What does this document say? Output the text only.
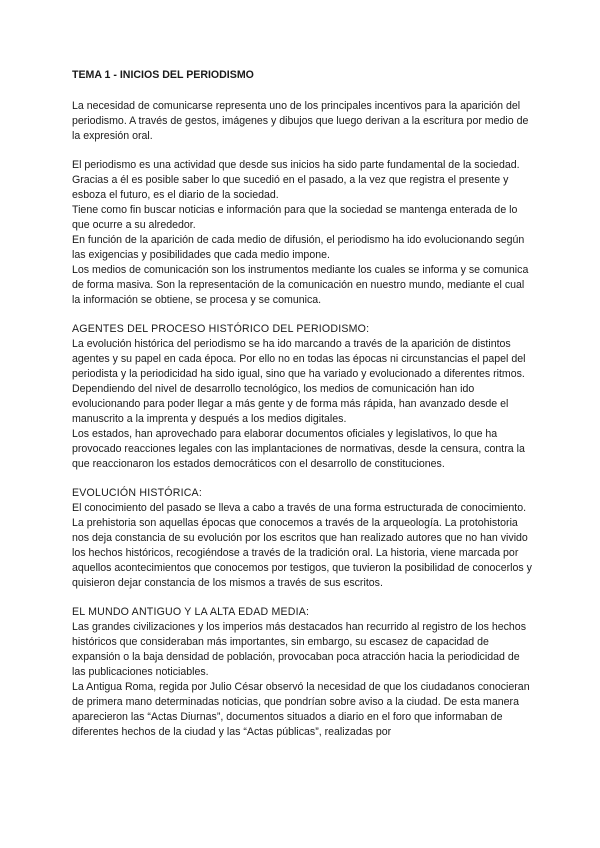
TEMA 1 - INICIOS DEL PERIODISMO

La necesidad de comunicarse representa uno de los principales incentivos para la aparición del periodismo. A través de gestos, imágenes y dibujos que luego derivan a la escritura por medio de la expresión oral.

El periodismo es una actividad que desde sus inicios ha sido parte fundamental de la sociedad. Gracias a él es posible saber lo que sucedió en el pasado, a la vez que registra el presente y esboza el futuro, es el diario de la sociedad.

Tiene como fin buscar noticias e información para que la sociedad se mantenga enterada de lo que ocurre a su alrededor.

En función de la aparición de cada medio de difusión, el periodismo ha ido evolucionando según las exigencias y posibilidades que cada medio impone.

Los medios de comunicación son los instrumentos mediante los cuales se informa y se comunica de forma masiva. Son la representación de la comunicación en nuestro mundo, mediante el cual la información se obtiene, se procesa y se comunica.

AGENTES DEL PROCESO HISTÓRICO DEL PERIODISMO:

La evolución histórica del periodismo se ha ido marcando a través de la aparición de distintos agentes y su papel en cada época. Por ello no en todas las épocas ni circunstancias el papel del periodista y la periodicidad ha sido igual, sino que ha variado y evolucionado a diferentes ritmos.

Dependiendo del nivel de desarrollo tecnológico, los medios de comunicación han ido evolucionando para poder llegar a más gente y de forma más rápida, han avanzado desde el manuscrito a la imprenta y después a los medios digitales.

Los estados, han aprovechado para elaborar documentos oficiales y legislativos, lo que ha provocado reacciones legales con las implantaciones de normativas, desde la censura, contra la que reaccionaron los estados democráticos con el desarrollo de constituciones.

EVOLUCIÓN HISTÓRICA:

El conocimiento del pasado se lleva a cabo a través de una forma estructurada de conocimiento. La prehistoria son aquellas épocas que conocemos a través de la arqueología. La protohistoria nos deja constancia de su evolución por los escritos que han realizado autores que no han vivido los hechos históricos, recogiéndose a través de la tradición oral. La historia, viene marcada por aquellos acontecimientos que conocemos por testigos, que tuvieron la posibilidad de conocerlos y quisieron dejar constancia de los mismos a través de sus escritos.

EL MUNDO ANTIGUO Y LA ALTA EDAD MEDIA:

Las grandes civilizaciones y los imperios más destacados han recurrido al registro de los hechos históricos que consideraban más importantes, sin embargo, su escasez de capacidad de expansión o la baja densidad de población, provocaban poca atracción hacia la periodicidad de las publicaciones noticiables.

La Antigua Roma, regida por Julio César observó la necesidad de que los ciudadanos conocieran de primera mano determinadas noticias, que pondrían sobre aviso a la ciudad. De esta manera aparecieron las “Actas Diurnas”, documentos situados a diario en el foro que informaban de diferentes hechos de la ciudad y las “Actas públicas”, realizadas por
